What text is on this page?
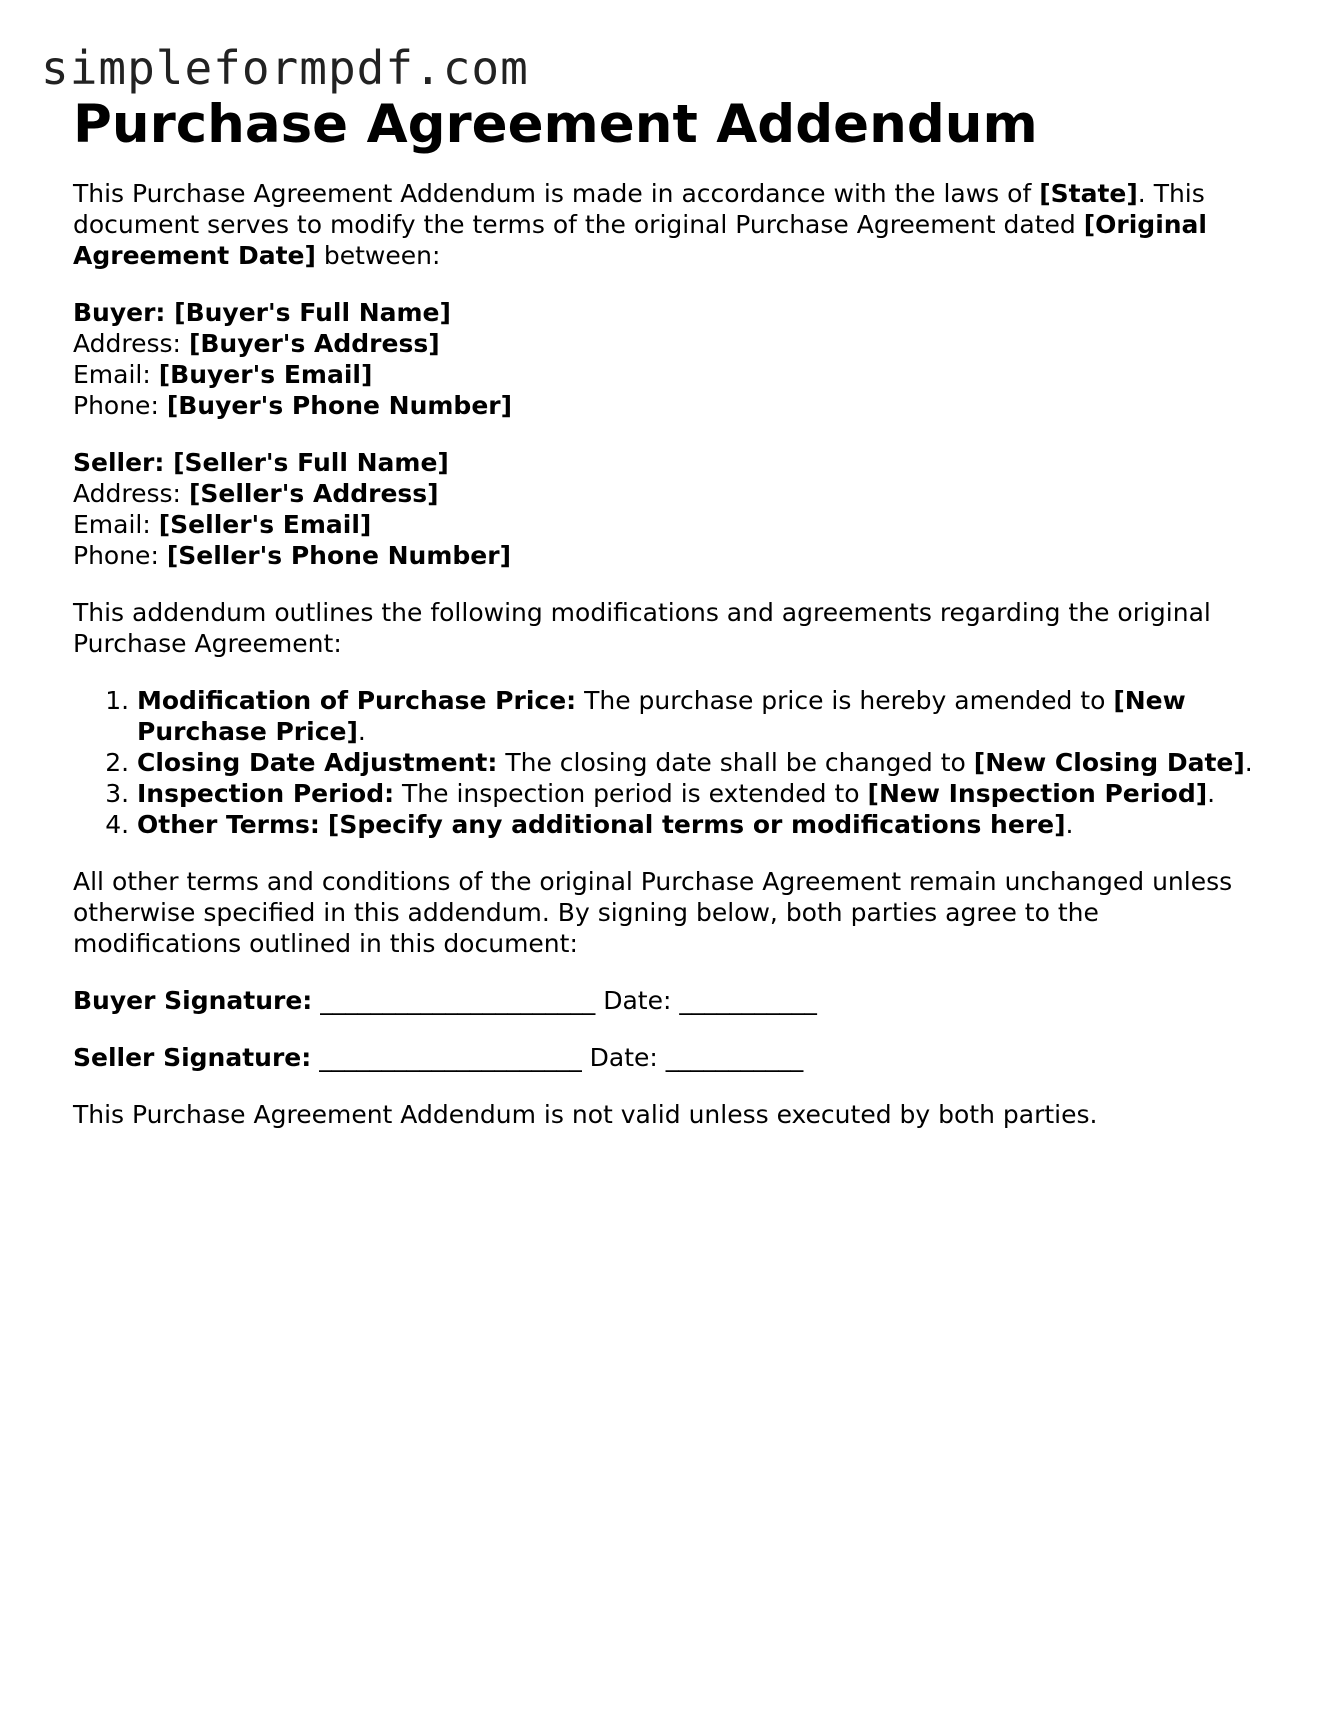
simpleformpdf.com
Purchase Agreement Addendum

This Purchase Agreement Addendum is made in accordance with the laws of [State]. This document serves to modify the terms of the original Purchase Agreement dated [Original Agreement Date] between:

Buyer: [Buyer's Full Name]
Address: [Buyer's Address]
Email: [Buyer's Email]
Phone: [Buyer's Phone Number]
Seller: [Seller's Full Name]
Address: [Seller's Address]
Email: [Seller's Email]
Phone: [Seller's Phone Number]

This addendum outlines the following modifications and agreements regarding the original Purchase Agreement:

1. Modification of Purchase Price: The purchase price is hereby amended to [New Purchase Price].
2. Closing Date Adjustment: The closing date shall be changed to [New Closing Date].
3. Inspection Period: The inspection period is extended to [New Inspection Period].
4. Other Terms: [Specify any additional terms or modifications here].

All other terms and conditions of the original Purchase Agreement remain unchanged unless otherwise specified in this addendum. By signing below, both parties agree to the modifications outlined in this document:

Buyer Signature: ______________________ Date: ___________
Seller Signature: _____________________ Date: ___________

This Purchase Agreement Addendum is not valid unless executed by both parties.
